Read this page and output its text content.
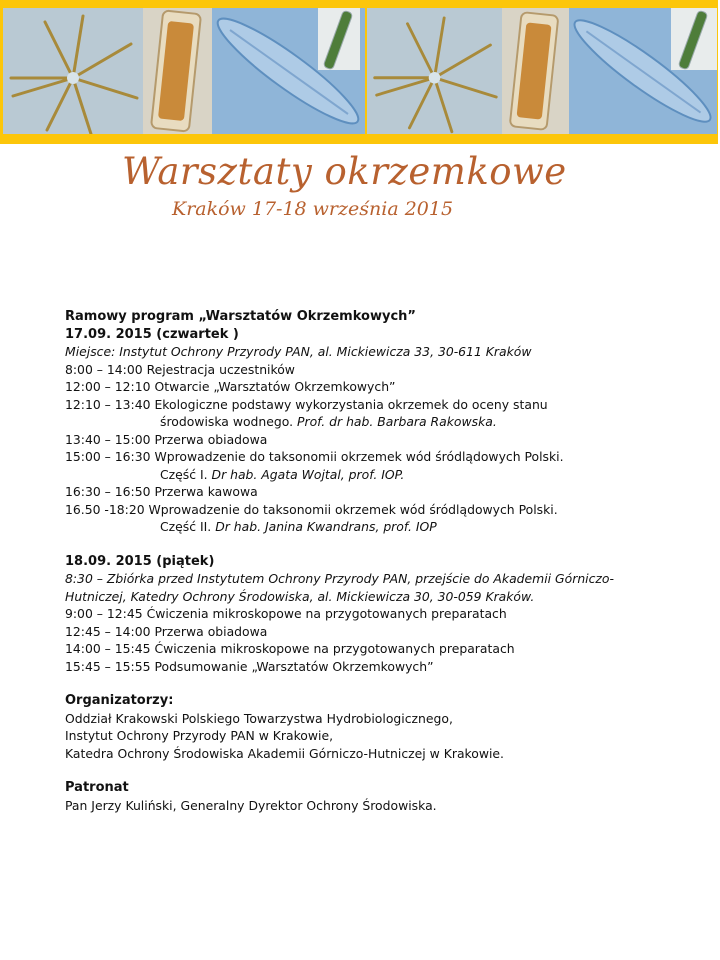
Warsztaty okrzemkowe
Kraków 17-18 września 2015
Ramowy program „Warsztatów Okrzemkowych”
17.09. 2015 (czwartek )
Miejsce: Instytut Ochrony Przyrody PAN, al. Mickiewicza 33, 30-611 Kraków
8:00 – 14:00 Rejestracja uczestników
12:00 – 12:10 Otwarcie „Warsztatów Okrzemkowych”
12:10 – 13:40 Ekologiczne podstawy wykorzystania okrzemek do oceny stanu
środowiska wodnego. Prof. dr hab. Barbara Rakowska.
13:40 – 15:00 Przerwa obiadowa
15:00 – 16:30 Wprowadzenie do taksonomii okrzemek wód śródlądowych Polski.
Część I. Dr hab. Agata Wojtal, prof. IOP.
16:30 – 16:50 Przerwa kawowa
16.50 -18:20 Wprowadzenie do taksonomii okrzemek wód śródlądowych Polski.
Część II. Dr hab. Janina Kwandrans, prof. IOP
18.09. 2015 (piątek)
8:30 – Zbiórka przed Instytutem Ochrony Przyrody PAN, przejście do Akademii Górniczo-
Hutniczej, Katedry Ochrony Środowiska, al. Mickiewicza 30, 30-059 Kraków.
9:00 – 12:45 Ćwiczenia mikroskopowe na przygotowanych preparatach
12:45 – 14:00 Przerwa obiadowa
14:00 – 15:45 Ćwiczenia mikroskopowe na przygotowanych preparatach
15:45 – 15:55 Podsumowanie „Warsztatów Okrzemkowych”
Organizatorzy:
Oddział Krakowski Polskiego Towarzystwa Hydrobiologicznego,
Instytut Ochrony Przyrody PAN w Krakowie,
Katedra Ochrony Środowiska Akademii Górniczo-Hutniczej w Krakowie.
Patronat
Pan Jerzy Kuliński, Generalny Dyrektor Ochrony Środowiska.
